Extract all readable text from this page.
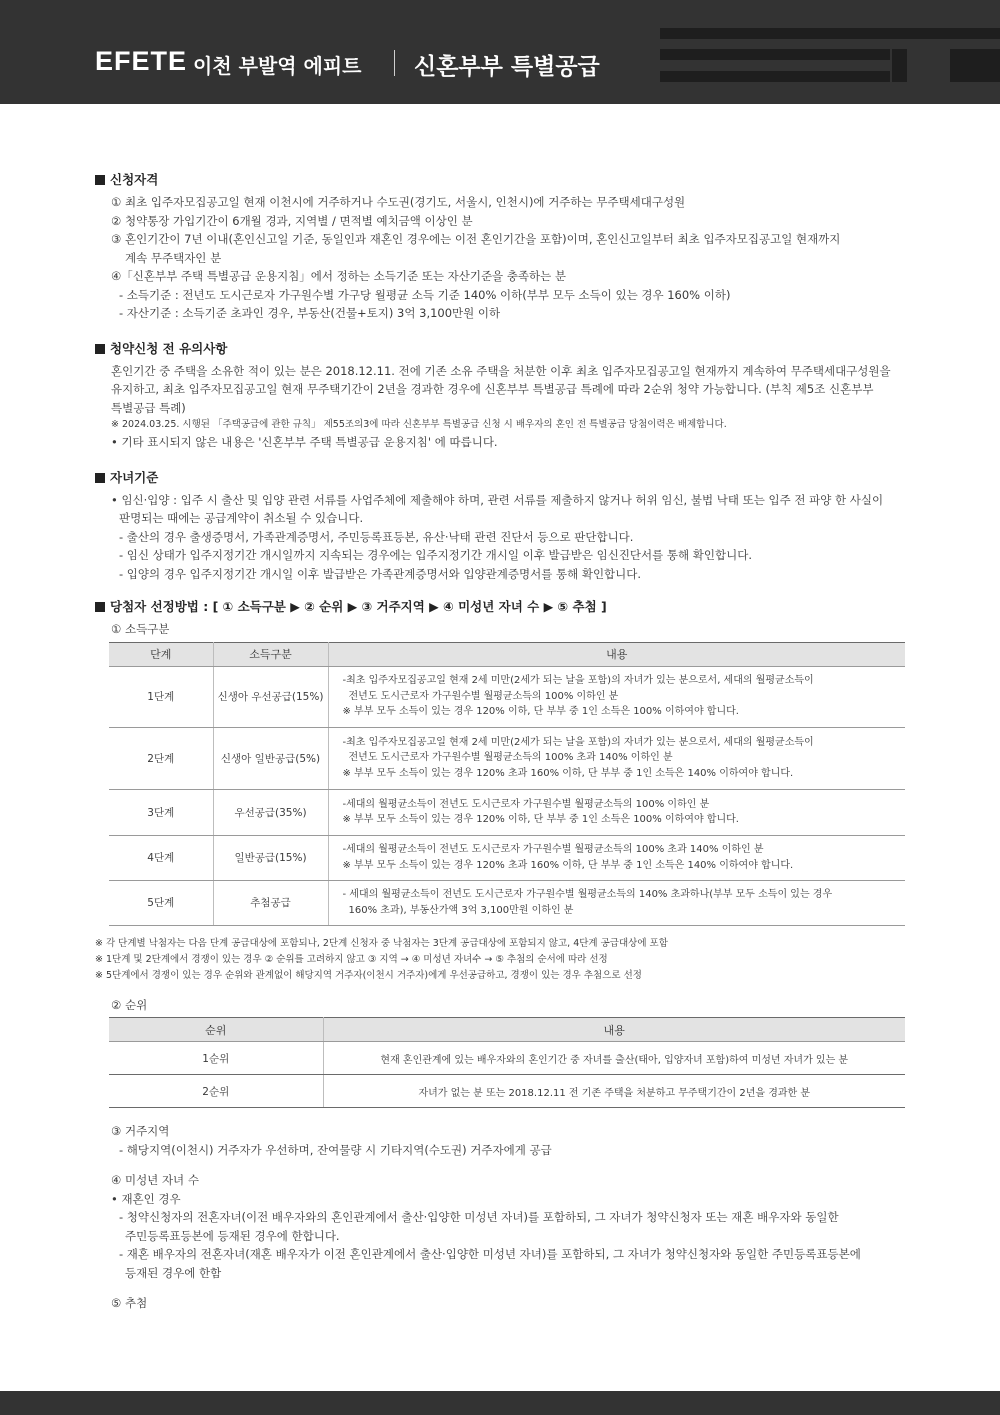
EFETE 이천 부발역 에피트 신혼부부 특별공급
신청자격
① 최초 입주자모집공고일 현재 이천시에 거주하거나 수도권(경기도, 서울시, 인천시)에 거주하는 무주택세대구성원
② 청약통장 가입기간이 6개월 경과, 지역별 / 면적별 예치금액 이상인 분
③ 혼인기간이 7년 이내(혼인신고일 기준, 동일인과 재혼인 경우에는 이전 혼인기간을 포함)이며, 혼인신고일부터 최초 입주자모집공고일 현재까지
계속 무주택자인 분
④「신혼부부 주택 특별공급 운용지침」에서 정하는 소득기준 또는 자산기준을 충족하는 분
- 소득기준 : 전년도 도시근로자 가구원수별 가구당 월평균 소득 기준 140% 이하(부부 모두 소득이 있는 경우 160% 이하)
- 자산기준 : 소득기준 초과인 경우, 부동산(건물+토지) 3억 3,100만원 이하
청약신청 전 유의사항
혼인기간 중 주택을 소유한 적이 있는 분은 2018.12.11. 전에 기존 소유 주택을 처분한 이후 최초 입주자모집공고일 현재까지 계속하여 무주택세대구성원을
유지하고, 최초 입주자모집공고일 현재 무주택기간이 2년을 경과한 경우에 신혼부부 특별공급 특례에 따라 2순위 청약 가능합니다. (부칙 제5조 신혼부부
특별공급 특례)
※ 2024.03.25. 시행된 「주택공급에 관한 규칙」 제55조의3에 따라 신혼부부 특별공급 신청 시 배우자의 혼인 전 특별공급 당첨이력은 배제합니다.
• 기타 표시되지 않은 내용은 '신혼부부 주택 특별공급 운용지침' 에 따릅니다.
자녀기준
• 임신·입양 : 입주 시 출산 및 입양 관련 서류를 사업주체에 제출해야 하며, 관련 서류를 제출하지 않거나 허위 임신, 불법 낙태 또는 입주 전 파양 한 사실이
판명되는 때에는 공급계약이 취소될 수 있습니다.
- 출산의 경우 출생증명서, 가족관계증명서, 주민등록표등본, 유산·낙태 관련 진단서 등으로 판단합니다.
- 임신 상태가 입주지정기간 개시일까지 지속되는 경우에는 입주지정기간 개시일 이후 발급받은 임신진단서를 통해 확인합니다.
- 입양의 경우 입주지정기간 개시일 이후 발급받은 가족관계증명서와 입양관계증명서를 통해 확인합니다.
당첨자 선정방법 : [ ① 소득구분 ▶ ② 순위 ▶ ③ 거주지역 ▶ ④ 미성년 자녀 수 ▶ ⑤ 추첨 ]
① 소득구분
단계	소득구분	내용
1단계	신생아 우선공급(15%)	-최초 입주자모집공고일 현재 2세 미만(2세가 되는 날을 포함)의 자녀가 있는 분으로서, 세대의 월평균소득이
전년도 도시근로자 가구원수별 월평균소득의 100% 이하인 분
※ 부부 모두 소득이 있는 경우 120% 이하, 단 부부 중 1인 소득은 100% 이하여야 합니다.

2단계	신생아 일반공급(5%)	-최초 입주자모집공고일 현재 2세 미만(2세가 되는 날을 포함)의 자녀가 있는 분으로서, 세대의 월평균소득이
전년도 도시근로자 가구원수별 월평균소득의 100% 초과 140% 이하인 분
※ 부부 모두 소득이 있는 경우 120% 초과 160% 이하, 단 부부 중 1인 소득은 140% 이하여야 합니다.

3단계	우선공급(35%)	-세대의 월평균소득이 전년도 도시근로자 가구원수별 월평균소득의 100% 이하인 분
※ 부부 모두 소득이 있는 경우 120% 이하, 단 부부 중 1인 소득은 100% 이하여야 합니다.

4단계	일반공급(15%)	-세대의 월평균소득이 전년도 도시근로자 가구원수별 월평균소득의 100% 초과 140% 이하인 분
※ 부부 모두 소득이 있는 경우 120% 초과 160% 이하, 단 부부 중 1인 소득은 140% 이하여야 합니다.

5단계	추첨공급	- 세대의 월평균소득이 전년도 도시근로자 가구원수별 월평균소득의 140% 초과하나(부부 모두 소득이 있는 경우
160% 초과), 부동산가액 3억 3,100만원 이하인 분
※ 각 단계별 낙첨자는 다음 단계 공급대상에 포함되나, 2단계 신청자 중 낙첨자는 3단계 공급대상에 포함되지 않고, 4단계 공급대상에 포함
※ 1단계 및 2단계에서 경쟁이 있는 경우 ② 순위를 고려하지 않고 ③ 지역 → ④ 미성년 자녀수 → ⑤ 추첨의 순서에 따라 선정
※ 5단계에서 경쟁이 있는 경우 순위와 관계없이 해당지역 거주자(이천시 거주자)에게 우선공급하고, 경쟁이 있는 경우 추첨으로 선정
② 순위
순위	내용
1순위	현재 혼인관계에 있는 배우자와의 혼인기간 중 자녀를 출산(태아, 입양자녀 포함)하여 미성년 자녀가 있는 분
2순위	자녀가 없는 분 또는 2018.12.11 전 기존 주택을 처분하고 무주택기간이 2년을 경과한 분
③ 거주지역
- 해당지역(이천시) 거주자가 우선하며, 잔여물량 시 기타지역(수도권) 거주자에게 공급
④ 미성년 자녀 수
• 재혼인 경우
- 청약신청자의 전혼자녀(이전 배우자와의 혼인관계에서 출산·입양한 미성년 자녀)를 포함하되, 그 자녀가 청약신청자 또는 재혼 배우자와 동일한
주민등록표등본에 등재된 경우에 한합니다.
- 재혼 배우자의 전혼자녀(재혼 배우자가 이전 혼인관계에서 출산·입양한 미성년 자녀)를 포함하되, 그 자녀가 청약신청자와 동일한 주민등록표등본에
등재된 경우에 한함
⑤ 추첨
